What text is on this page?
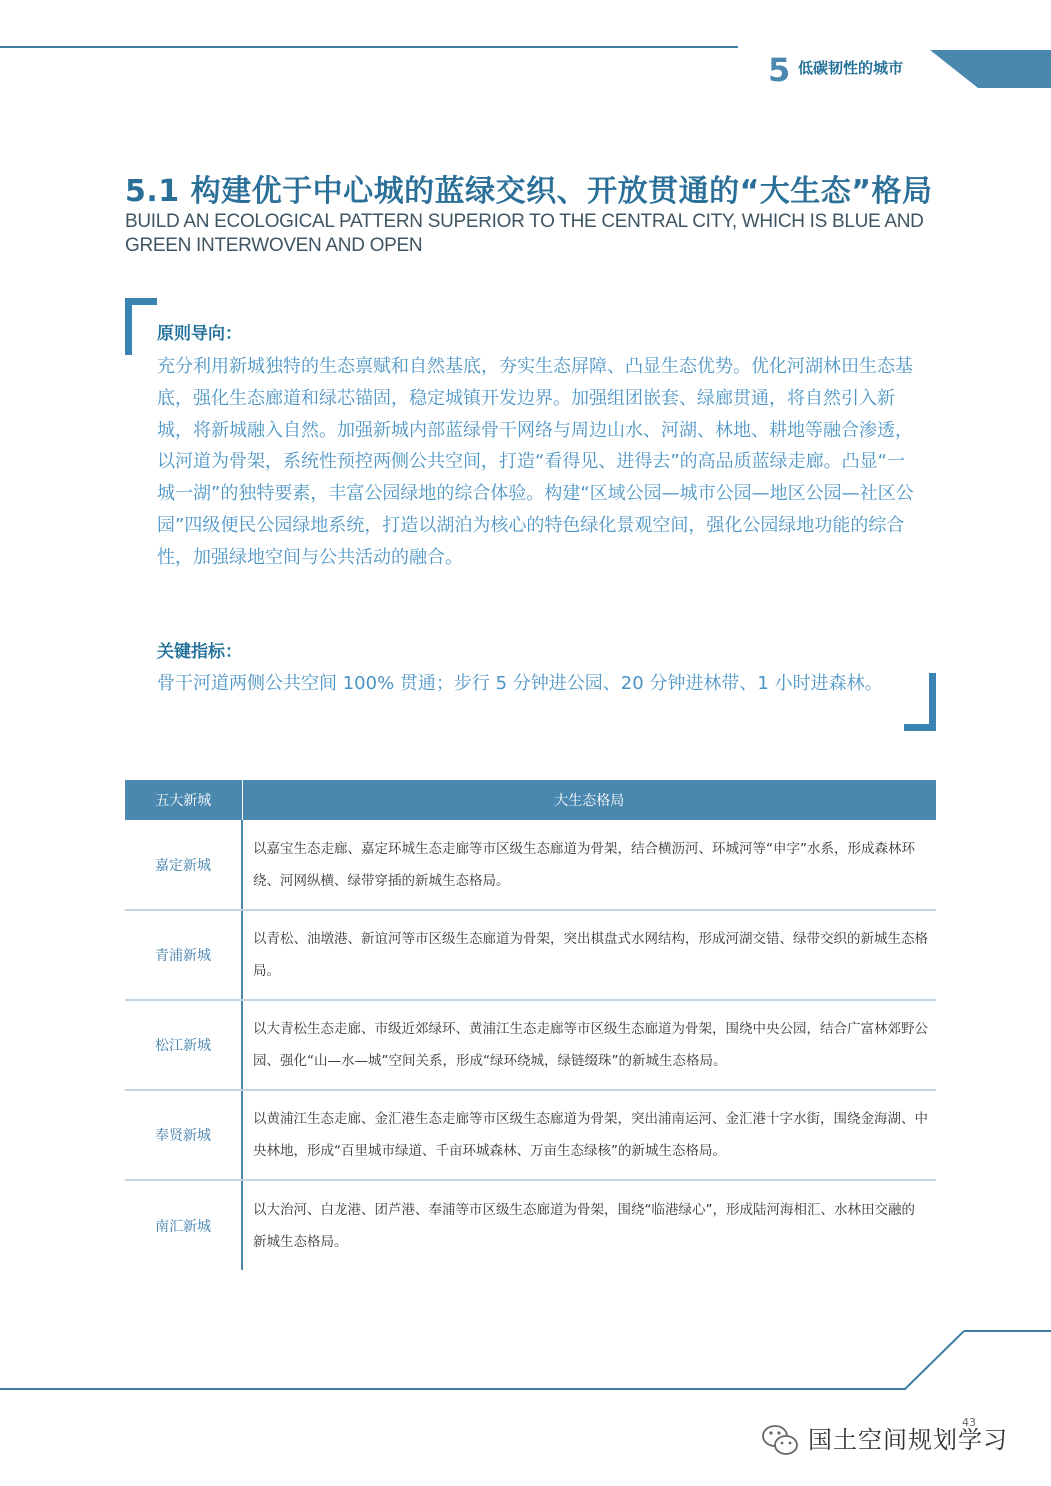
5 低碳韧性的城市
5.1 构建优于中心城的蓝绿交织、开放贯通的“大生态”格局
BUILD AN ECOLOGICAL PATTERN SUPERIOR TO THE CENTRAL CITY, WHICH IS BLUE AND GREEN INTERWOVEN AND OPEN
原则导向：

充分利用新城独特的生态禀赋和自然基底，夯实生态屏障、凸显生态优势。优化河湖林田生态基底，强化生态廊道和绿芯锚固，稳定城镇开发边界。加强组团嵌套、绿廊贯通，将自然引入新城，将新城融入自然。加强新城内部蓝绿骨干网络与周边山水、河湖、林地、耕地等融合渗透，以河道为骨架，系统性预控两侧公共空间，打造“看得见、进得去”的高品质蓝绿走廊。凸显“一城一湖”的独特要素，丰富公园绿地的综合体验。构建“区域公园—城市公园—地区公园—社区公园”四级便民公园绿地系统，打造以湖泊为核心的特色绿化景观空间，强化公园绿地功能的综合性，加强绿地空间与公共活动的融合。

关键指标：

骨干河道两侧公共空间 100% 贯通；步行 5 分钟进公园、20 分钟进林带、1 小时进森林。

五大新城	大生态格局
嘉定新城	以嘉宝生态走廊、嘉定环城生态走廊等市区级生态廊道为骨架，结合横沥河、环城河等“申字”水系，形成森林环绕、河网纵横、绿带穿插的新城生态格局。
青浦新城	以青松、油墩港、新谊河等市区级生态廊道为骨架，突出棋盘式水网结构，形成河湖交错、绿带交织的新城生态格局。
松江新城	以大青松生态走廊、市级近郊绿环、黄浦江生态走廊等市区级生态廊道为骨架，围绕中央公园，结合广富林郊野公园、强化“山—水—城”空间关系，形成“绿环绕城，绿链缀珠”的新城生态格局。
奉贤新城	以黄浦江生态走廊、金汇港生态走廊等市区级生态廊道为骨架，突出浦南运河、金汇港十字水街，围绕金海湖、中央林地，形成“百里城市绿道、千亩环城森林、万亩生态绿核”的新城生态格局。
南汇新城	以大治河、白龙港、团芦港、奉浦等市区级生态廊道为骨架，围绕“临港绿心”，形成陆河海相汇、水林田交融的新城生态格局。
43
国土空间规划学习
